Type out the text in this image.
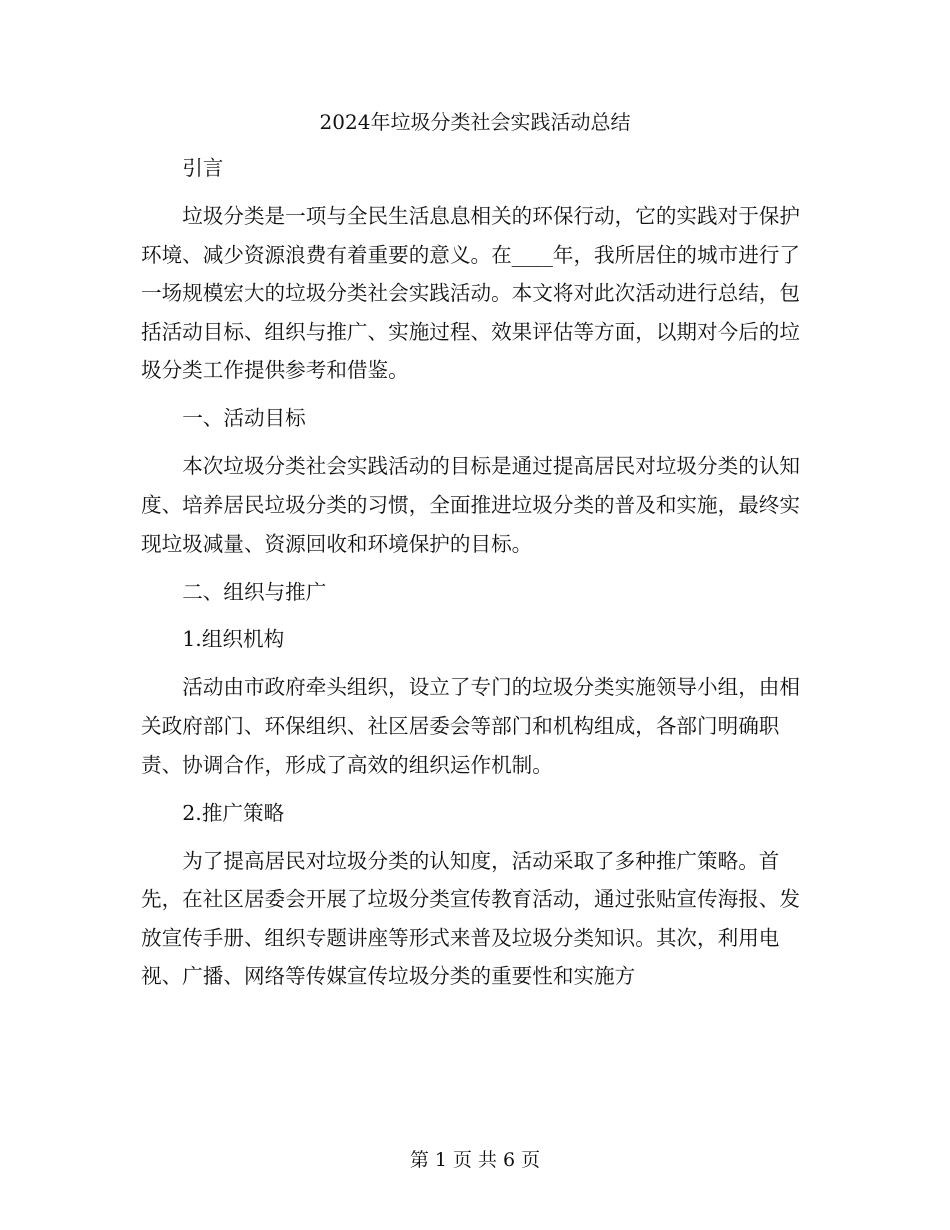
2024年垃圾分类社会实践活动总结

引言

垃圾分类是一项与全民生活息息相关的环保行动，它的实践对于保护环境、减少资源浪费有着重要的意义。在____年，我所居住的城市进行了一场规模宏大的垃圾分类社会实践活动。本文将对此次活动进行总结，包括活动目标、组织与推广、实施过程、效果评估等方面，以期对今后的垃圾分类工作提供参考和借鉴。

一、活动目标

本次垃圾分类社会实践活动的目标是通过提高居民对垃圾分类的认知度、培养居民垃圾分类的习惯，全面推进垃圾分类的普及和实施，最终实现垃圾减量、资源回收和环境保护的目标。

二、组织与推广

1.组织机构

活动由市政府牵头组织，设立了专门的垃圾分类实施领导小组，由相关政府部门、环保组织、社区居委会等部门和机构组成，各部门明确职责、协调合作，形成了高效的组织运作机制。

2.推广策略

为了提高居民对垃圾分类的认知度，活动采取了多种推广策略。首先，在社区居委会开展了垃圾分类宣传教育活动，通过张贴宣传海报、发放宣传手册、组织专题讲座等形式来普及垃圾分类知识。其次，利用电视、广播、网络等传媒宣传垃圾分类的重要性和实施方

第 1 页 共 6 页
